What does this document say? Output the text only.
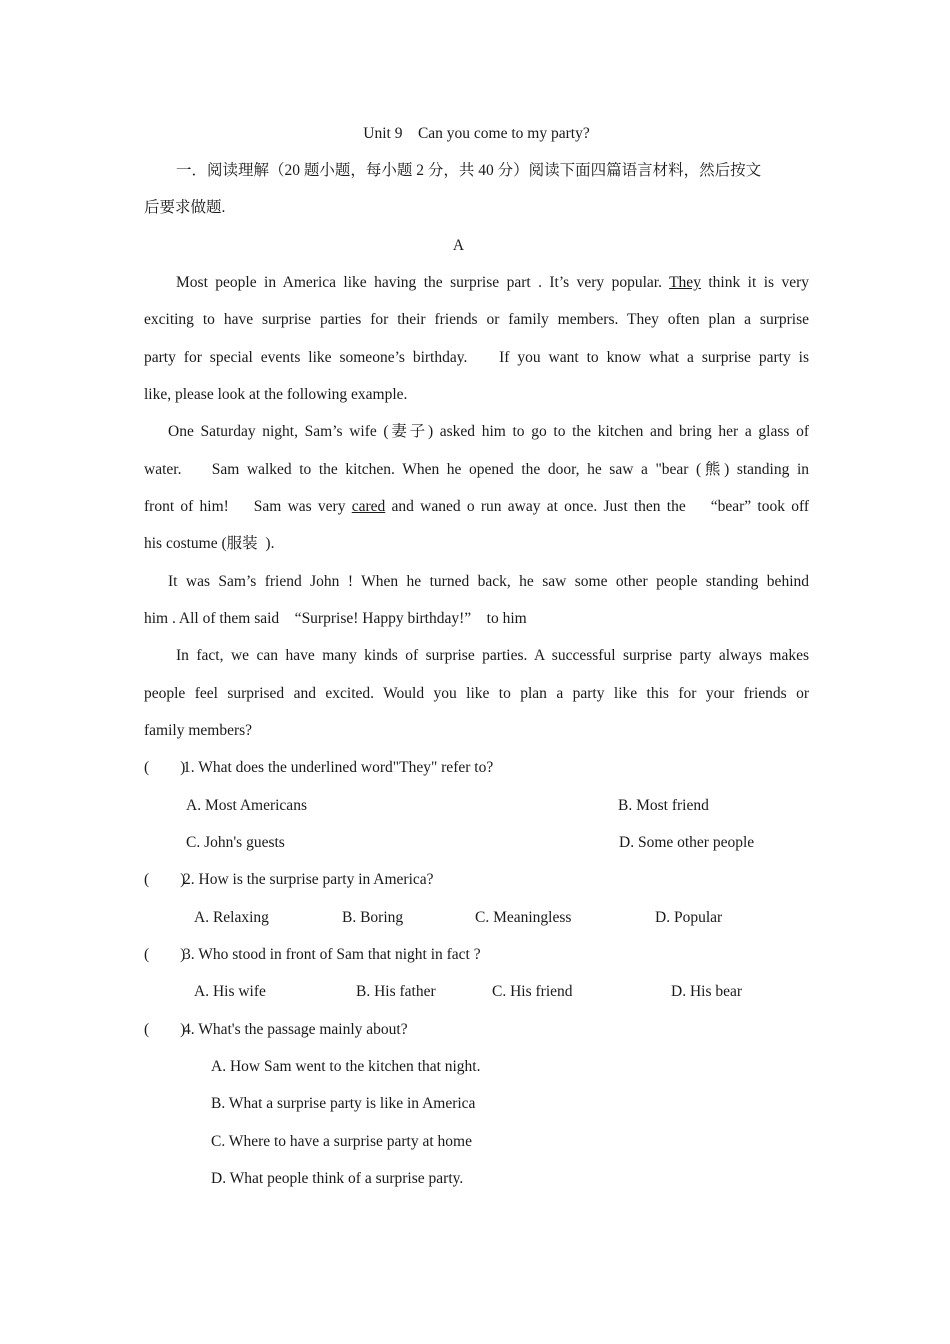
Unit 9    Can you come to my party?
一．阅读理解（20 题小题，每小题 2 分，共 40 分）阅读下面四篇语言材料，然后按文
后要求做题.
A
Most people in America like having the surprise part . It’s very popular. They think it is very
exciting to have surprise parties for their friends or family members. They often plan a surprise
party for special events like someone’s birthday.    If you want to know what a surprise party is
like, please look at the following example.
One Saturday night, Sam’s wife (妻子) asked him to go to the kitchen and bring her a glass of
water.    Sam walked to the kitchen. When he opened the door, he saw a "bear (熊) standing in
front of him!    Sam was very cared and waned o run away at once. Just then the    “bear” took off
his costume (服装  ).
It was Sam’s friend John ! When he turned back, he saw some other people standing behind
him . All of them said    “Surprise! Happy birthday!”    to him
In fact, we can have many kinds of surprise parties. A successful surprise party always makes
people feel surprised and excited. Would you like to plan a party like this for your friends or
family members?
(        )
1. What does the underlined word"They" refer to?
A. Most Americans	B. Most friend
C. John's guests	D. Some other people
(        )
2. How is the surprise party in America?
A. Relaxing	B. Boring	C. Meaningless	D. Popular
(        )
3. Who stood in front of Sam that night in fact ?
A. His wife	B. His father	C. His friend	D. His bear
(        )
4. What's the passage mainly about?
A. How Sam went to the kitchen that night.
B. What a surprise party is like in America
C. Where to have a surprise party at home
D. What people think of a surprise party.
